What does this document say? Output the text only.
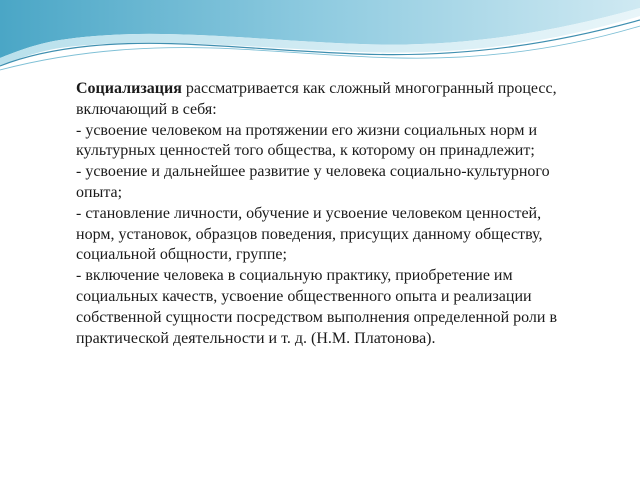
Социализация рассматривается как сложный многогранный процесс, включающий в себя:

- усвоение человеком на протяжении его жизни социальных норм и культурных ценностей того общества, к которому он принадлежит;

- усвоение и дальнейшее развитие у человека социально-культурного опыта;

- становление личности, обучение и усвоение человеком ценностей, норм, установок, образцов поведения, присущих данному обществу, социальной общности, группе;

- включение человека в социальную практику, приобретение им социальных качеств, усвоение общественного опыта и реализации собственной сущности посредством выполнения определенной роли в практической деятельности и т. д. (Н.М. Платонова).
